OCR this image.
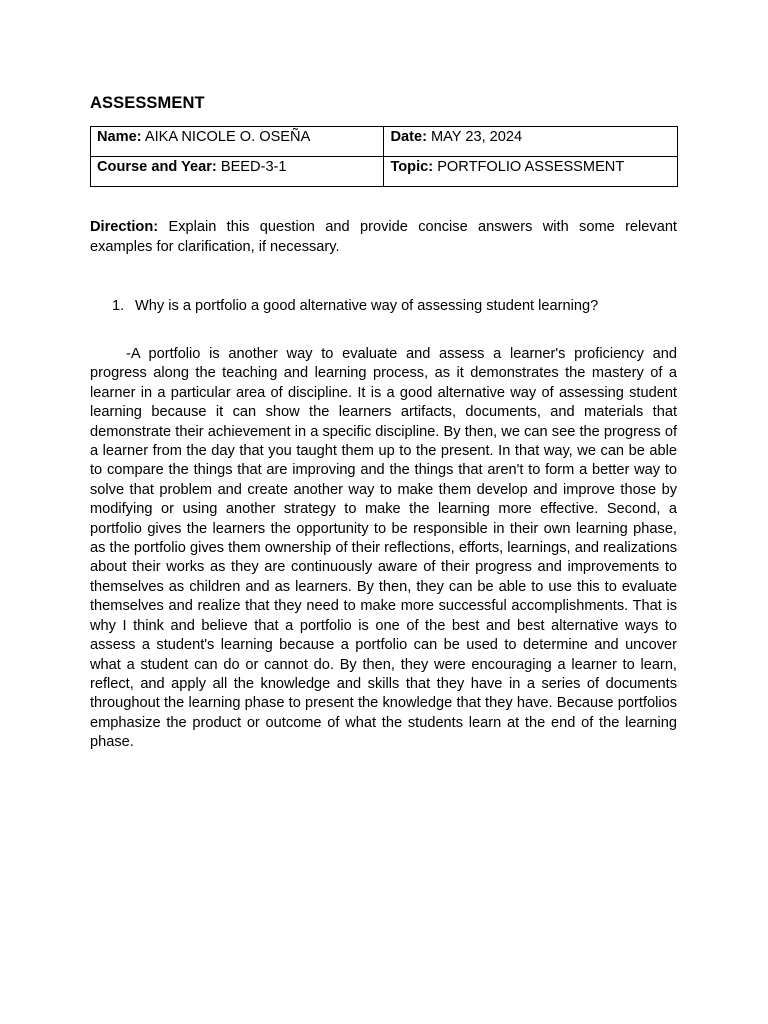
ASSESSMENT
Name: AIKA NICOLE O. OSEÑA	Date: MAY 23, 2024
Course and Year: BEED-3-1	Topic: PORTFOLIO ASSESSMENT
Direction: Explain this question and provide concise answers with some relevant examples for clarification, if necessary.
1. Why is a portfolio a good alternative way of assessing student learning?
-A portfolio is another way to evaluate and assess a learner's proficiency and progress along the teaching and learning process, as it demonstrates the mastery of a learner in a particular area of discipline. It is a good alternative way of assessing student learning because it can show the learners artifacts, documents, and materials that demonstrate their achievement in a specific discipline. By then, we can see the progress of a learner from the day that you taught them up to the present. In that way, we can be able to compare the things that are improving and the things that aren't to form a better way to solve that problem and create another way to make them develop and improve those by modifying or using another strategy to make the learning more effective. Second, a portfolio gives the learners the opportunity to be responsible in their own learning phase, as the portfolio gives them ownership of their reflections, efforts, learnings, and realizations about their works as they are continuously aware of their progress and improvements to themselves as children and as learners. By then, they can be able to use this to evaluate themselves and realize that they need to make more successful accomplishments. That is why I think and believe that a portfolio is one of the best and best alternative ways to assess a student's learning because a portfolio can be used to determine and uncover what a student can do or cannot do. By then, they were encouraging a learner to learn, reflect, and apply all the knowledge and skills that they have in a series of documents throughout the learning phase to present the knowledge that they have. Because portfolios emphasize the product or outcome of what the students learn at the end of the learning phase.
